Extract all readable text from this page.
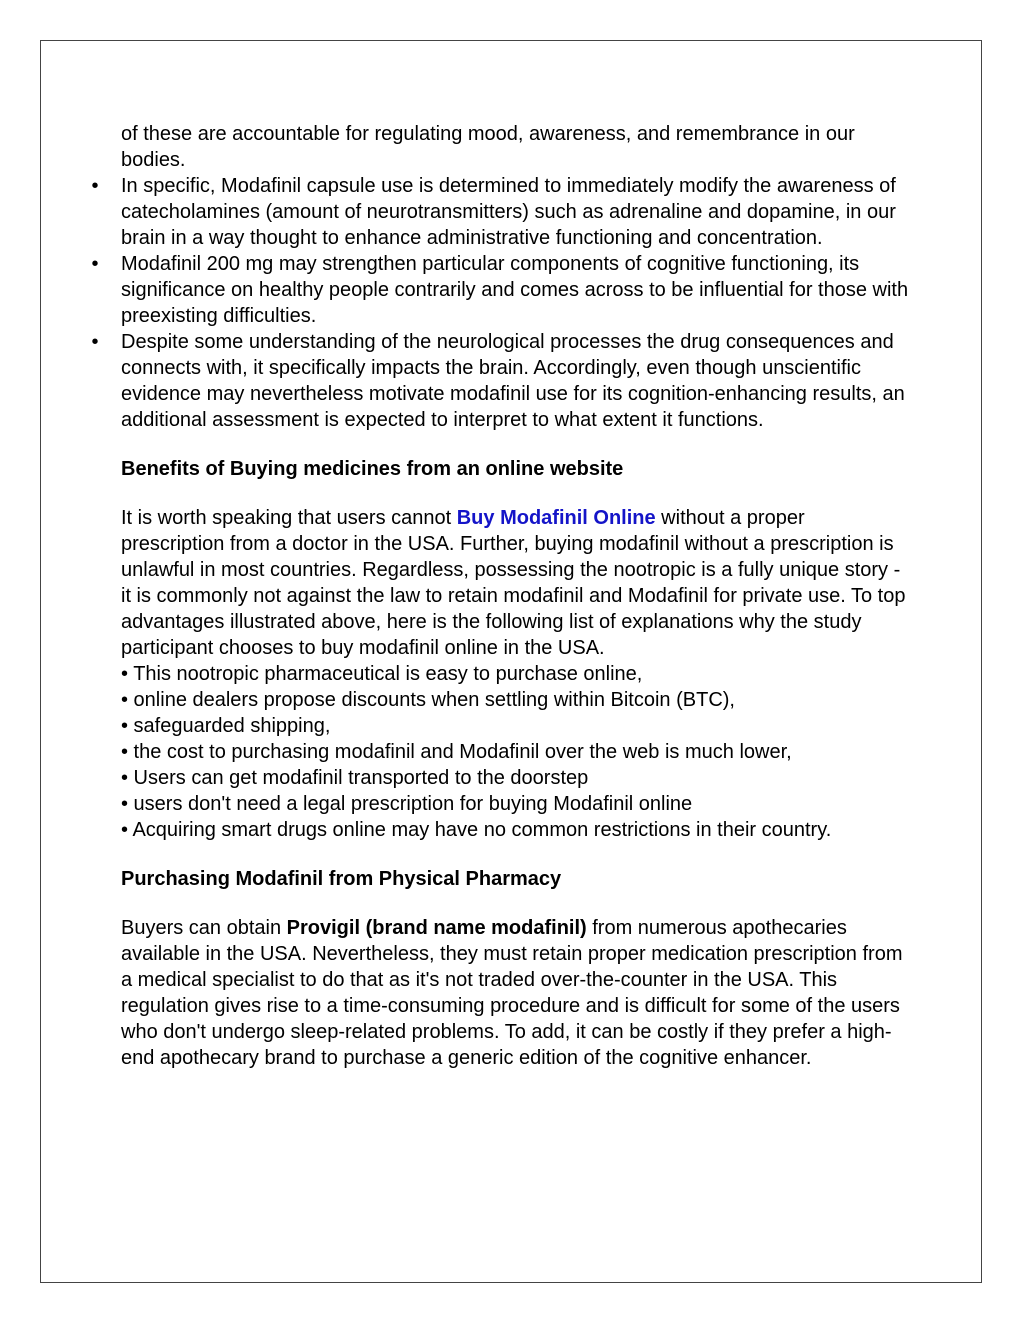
of these are accountable for regulating mood, awareness, and remembrance in our bodies.

• In specific, Modafinil capsule use is determined to immediately modify the awareness of catecholamines (amount of neurotransmitters) such as adrenaline and dopamine, in our brain in a way thought to enhance administrative functioning and concentration.
• Modafinil 200 mg may strengthen particular components of cognitive functioning, its significance on healthy people contrarily and comes across to be influential for those with preexisting difficulties.
• Despite some understanding of the neurological processes the drug consequences and connects with, it specifically impacts the brain. Accordingly, even though unscientific evidence may nevertheless motivate modafinil use for its cognition-enhancing results, an additional assessment is expected to interpret to what extent it functions.

Benefits of Buying medicines from an online website

It is worth speaking that users cannot Buy Modafinil Online without a proper prescription from a doctor in the USA. Further, buying modafinil without a prescription is unlawful in most countries. Regardless, possessing the nootropic is a fully unique story - it is commonly not against the law to retain modafinil and Modafinil for private use. To top advantages illustrated above, here is the following list of explanations why the study participant chooses to buy modafinil online in the USA.

• This nootropic pharmaceutical is easy to purchase online,

• online dealers propose discounts when settling within Bitcoin (BTC),

• safeguarded shipping,

• the cost to purchasing modafinil and Modafinil over the web is much lower,

• Users can get modafinil transported to the doorstep

• users don't need a legal prescription for buying Modafinil online

• Acquiring smart drugs online may have no common restrictions in their country.

Purchasing Modafinil from Physical Pharmacy

Buyers can obtain Provigil (brand name modafinil) from numerous apothecaries available in the USA. Nevertheless, they must retain proper medication prescription from a medical specialist to do that as it's not traded over-the-counter in the USA. This regulation gives rise to a time-consuming procedure and is difficult for some of the users who don't undergo sleep-related problems. To add, it can be costly if they prefer a high-end apothecary brand to purchase a generic edition of the cognitive enhancer.
